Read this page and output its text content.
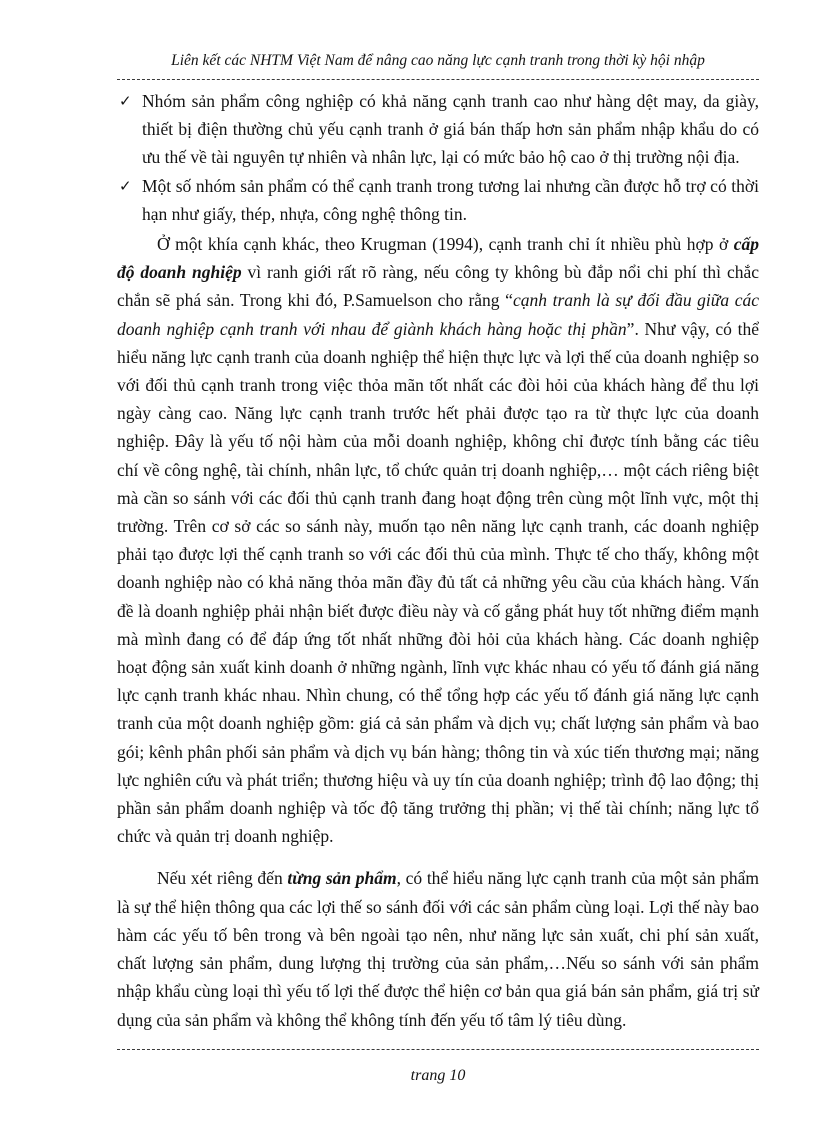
Liên kết các NHTM Việt Nam để nâng cao năng lực cạnh tranh trong thời kỳ hội nhập

✓ Nhóm sản phẩm công nghiệp có khả năng cạnh tranh cao như hàng dệt may, da giày, thiết bị điện thường chủ yếu cạnh tranh ở giá bán thấp hơn sản phẩm nhập khẩu do có ưu thế về tài nguyên tự nhiên và nhân lực, lại có mức bảo hộ cao ở thị trường nội địa.

✓ Một số nhóm sản phẩm có thể cạnh tranh trong tương lai nhưng cần được hỗ trợ có thời hạn như giấy, thép, nhựa, công nghệ thông tin.

Ở một khía cạnh khác, theo Krugman (1994), cạnh tranh chỉ ít nhiều phù hợp ở cấp độ doanh nghiệp vì ranh giới rất rõ ràng, nếu công ty không bù đắp nổi chi phí thì chắc chắn sẽ phá sản. Trong khi đó, P.Samuelson cho rằng “cạnh tranh là sự đối đầu giữa các doanh nghiệp cạnh tranh với nhau để giành khách hàng hoặc thị phần”. Như vậy, có thể hiểu năng lực cạnh tranh của doanh nghiệp thể hiện thực lực và lợi thế của doanh nghiệp so với đối thủ cạnh tranh trong việc thỏa mãn tốt nhất các đòi hỏi của khách hàng để thu lợi ngày càng cao. Năng lực cạnh tranh trước hết phải được tạo ra từ thực lực của doanh nghiệp. Đây là yếu tố nội hàm của mỗi doanh nghiệp, không chỉ được tính bằng các tiêu chí về công nghệ, tài chính, nhân lực, tổ chức quản trị doanh nghiệp,… một cách riêng biệt mà cần so sánh với các đối thủ cạnh tranh đang hoạt động trên cùng một lĩnh vực, một thị trường. Trên cơ sở các so sánh này, muốn tạo nên năng lực cạnh tranh, các doanh nghiệp phải tạo được lợi thế cạnh tranh so với các đối thủ của mình. Thực tế cho thấy, không một doanh nghiệp nào có khả năng thỏa mãn đầy đủ tất cả những yêu cầu của khách hàng. Vấn đề là doanh nghiệp phải nhận biết được điều này và cố gắng phát huy tốt những điểm mạnh mà mình đang có để đáp ứng tốt nhất những đòi hỏi của khách hàng. Các doanh nghiệp hoạt động sản xuất kinh doanh ở những ngành, lĩnh vực khác nhau có yếu tố đánh giá năng lực cạnh tranh khác nhau. Nhìn chung, có thể tổng hợp các yếu tố đánh giá năng lực cạnh tranh của một doanh nghiệp gồm: giá cả sản phẩm và dịch vụ; chất lượng sản phẩm và bao gói; kênh phân phối sản phẩm và dịch vụ bán hàng; thông tin và xúc tiến thương mại; năng lực nghiên cứu và phát triển; thương hiệu và uy tín của doanh nghiệp; trình độ lao động; thị phần sản phẩm doanh nghiệp và tốc độ tăng trưởng thị phần; vị thế tài chính; năng lực tổ chức và quản trị doanh nghiệp.

Nếu xét riêng đến từng sản phẩm, có thể hiểu năng lực cạnh tranh của một sản phẩm là sự thể hiện thông qua các lợi thế so sánh đối với các sản phẩm cùng loại. Lợi thế này bao hàm các yếu tố bên trong và bên ngoài tạo nên, như năng lực sản xuất, chi phí sản xuất, chất lượng sản phẩm, dung lượng thị trường của sản phẩm,…Nếu so sánh với sản phẩm nhập khẩu cùng loại thì yếu tố lợi thế được thể hiện cơ bản qua giá bán sản phẩm, giá trị sử dụng của sản phẩm và không thể không tính đến yếu tố tâm lý tiêu dùng.

trang 10
